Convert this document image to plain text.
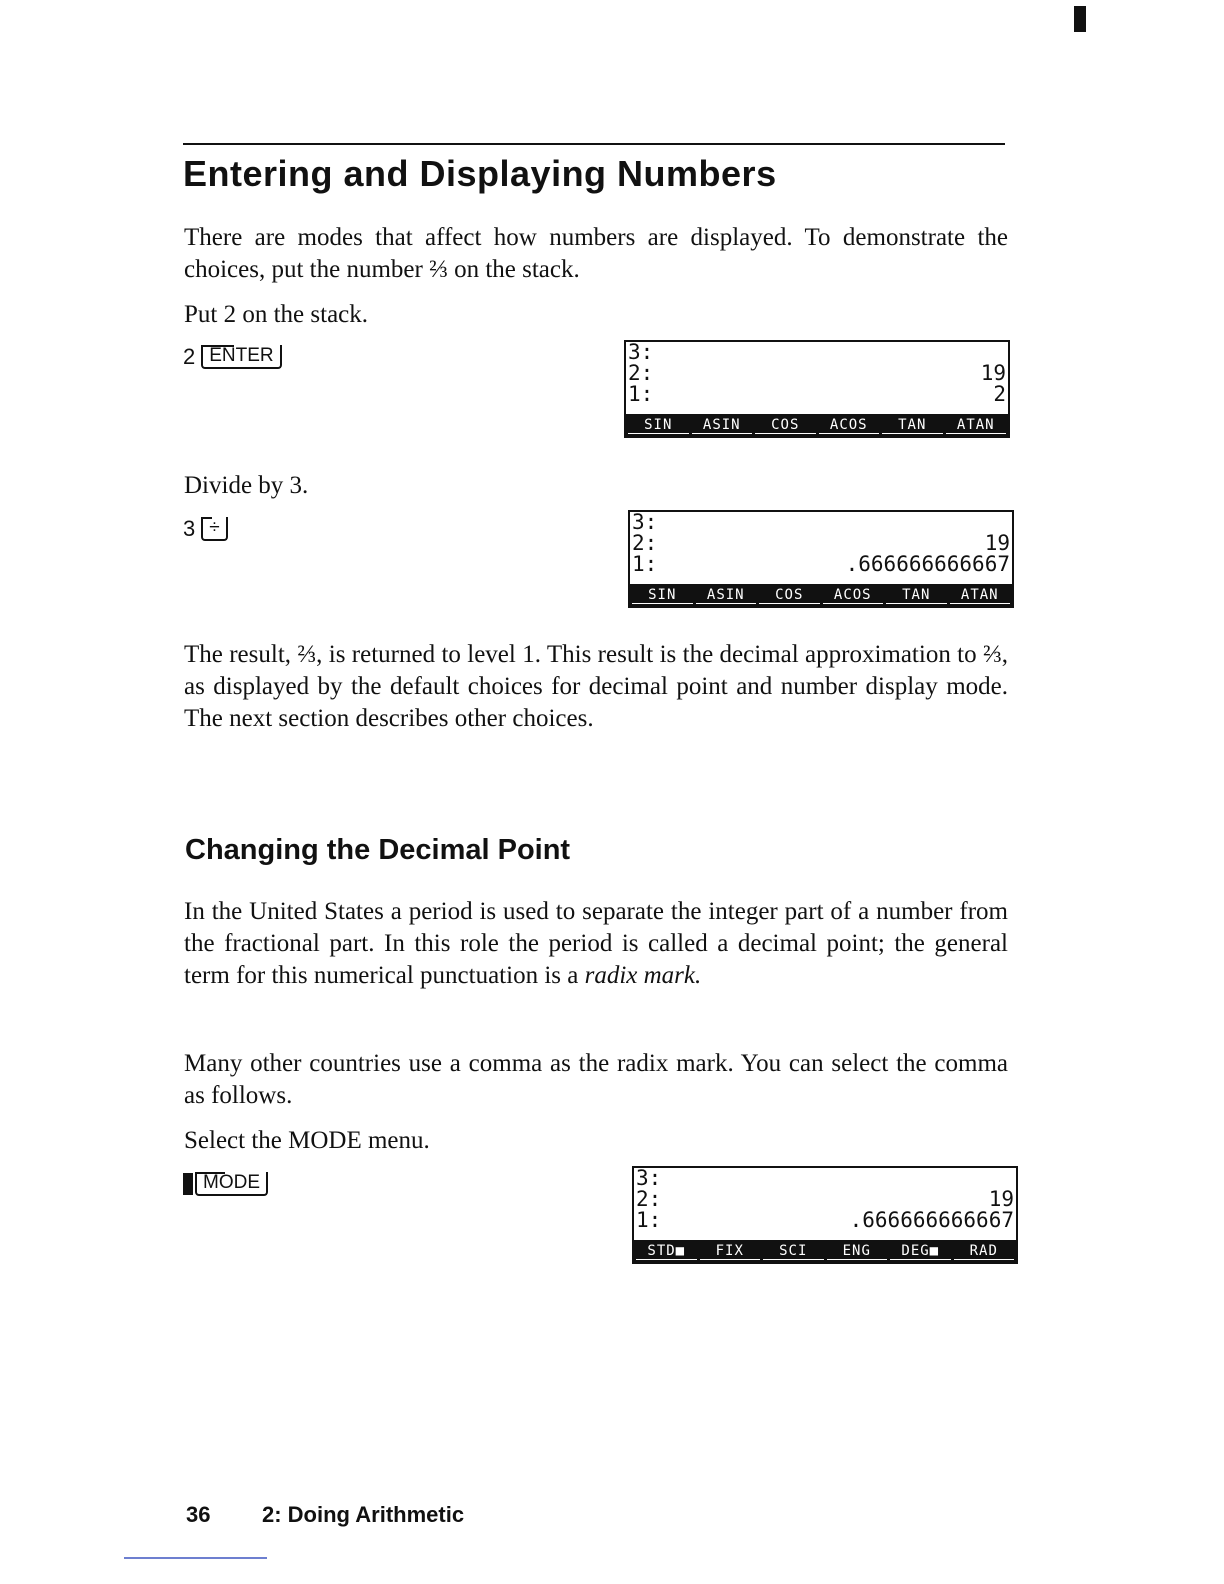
Entering and Displaying Numbers

There are modes that affect how numbers are displayed. To demonstrate the choices, put the number ⅔ on the stack.

Put 2 on the stack.

2 ENTER	3:
2:	19
1:	2
SIN	ASIN	COS	ACOS	TAN	ATAN

Divide by 3.

3 ÷	3:
2:	19
1:	.666666666667
SIN	ASIN	COS	ACOS	TAN	ATAN

The result, ⅔, is returned to level 1. This result is the decimal approximation to ⅔, as displayed by the default choices for decimal point and number display mode. The next section describes other choices.

Changing the Decimal Point

In the United States a period is used to separate the integer part of a number from the fractional part. In this role the period is called a decimal point; the general term for this numerical punctuation is a radix mark.

Many other countries use a comma as the radix mark. You can select the comma as follows.

Select the MODE menu.

MODE	3:
2:	19
1:	.666666666667
STD■	FIX	SCI	ENG	DEG■	RAD
36 2: Doing Arithmetic
